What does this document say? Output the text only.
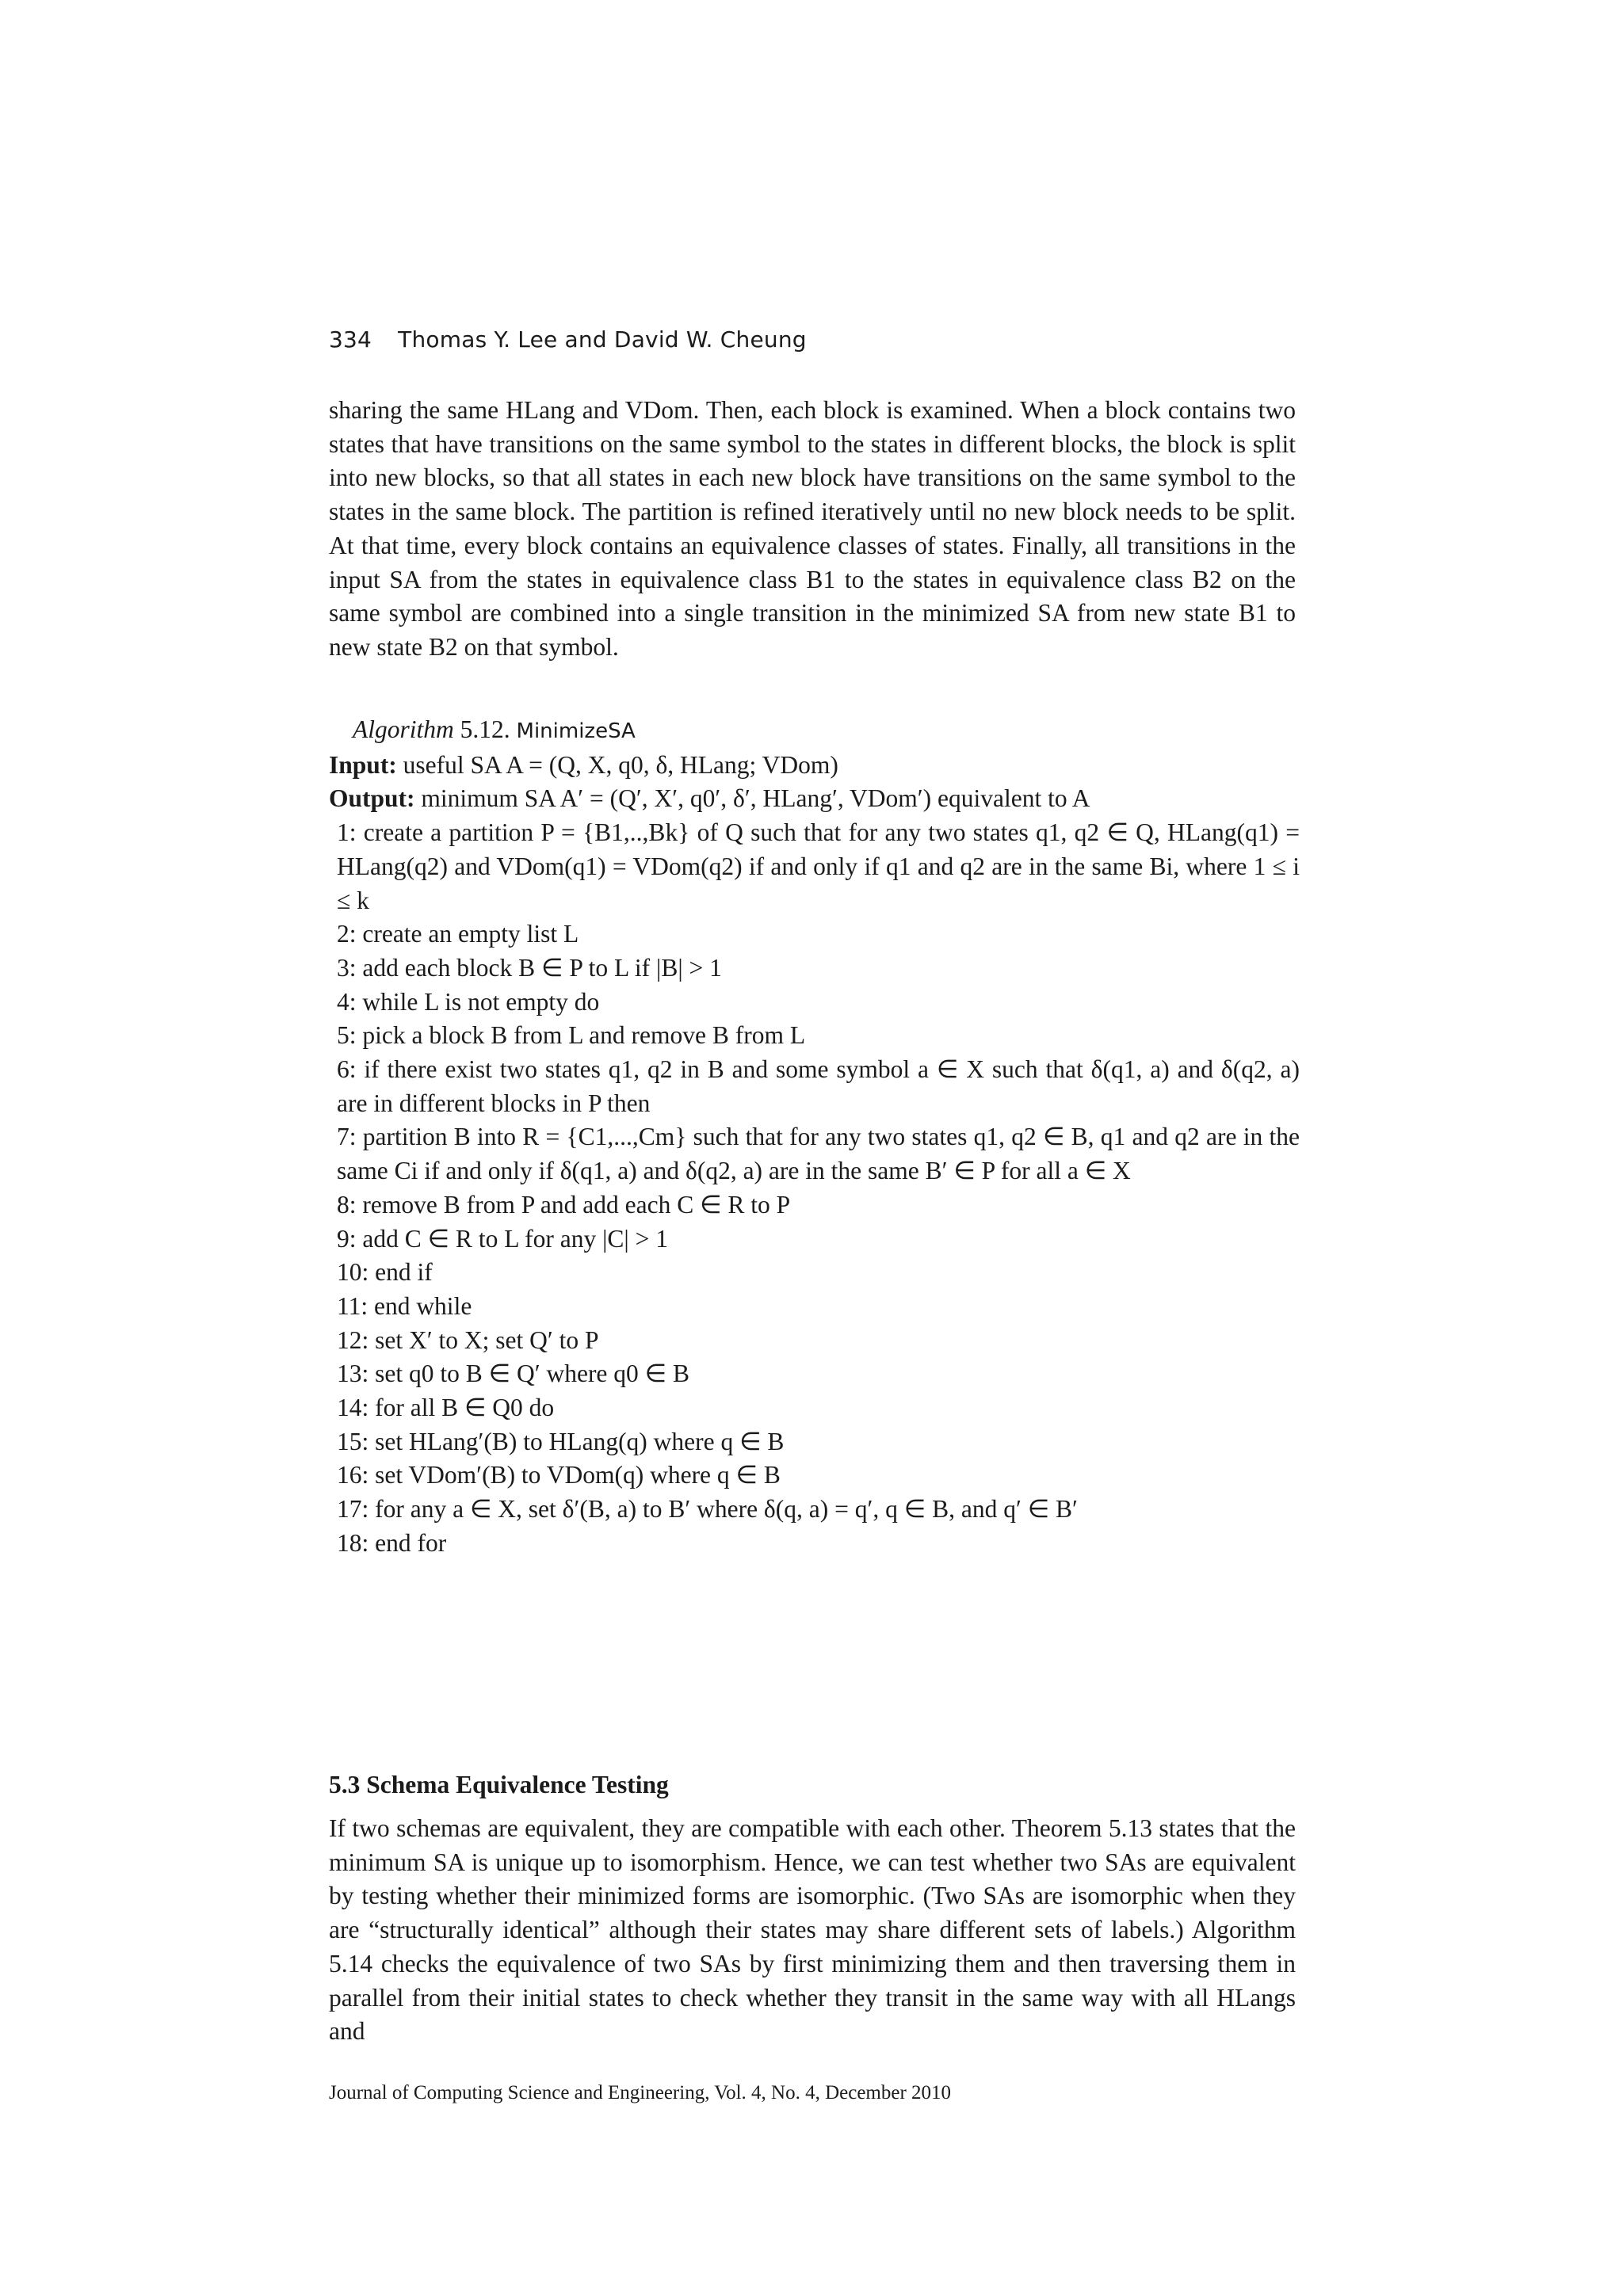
334 Thomas Y. Lee and David W. Cheung
sharing the same HLang and VDom. Then, each block is examined. When a block contains two states that have transitions on the same symbol to the states in different blocks, the block is split into new blocks, so that all states in each new block have transitions on the same symbol to the states in the same block. The partition is refined iteratively until no new block needs to be split. At that time, every block contains an equivalence classes of states. Finally, all transitions in the input SA from the states in equivalence class B1 to the states in equivalence class B2 on the same symbol are combined into a single transition in the minimized SA from new state B1 to new state B2 on that symbol.
Algorithm 5.12. MinimizeSA
Input: useful SA A = (Q, X, q0, δ, HLang; VDom)
Output: minimum SA A′ = (Q′, X′, q0′, δ′, HLang′, VDom′) equivalent to A
1: create a partition P = {B1,..,Bk} of Q such that for any two states q1, q2 ∈ Q, HLang(q1) = HLang(q2) and VDom(q1) = VDom(q2) if and only if q1 and q2 are in the same Bi, where 1 ≤ i ≤ k
2: create an empty list L
3: add each block B ∈ P to L if |B| > 1
4: while L is not empty do
5: pick a block B from L and remove B from L
6: if there exist two states q1, q2 in B and some symbol a ∈ X such that δ(q1, a) and δ(q2, a) are in different blocks in P then
7: partition B into R = {C1,...,Cm} such that for any two states q1, q2 ∈ B, q1 and q2 are in the same Ci if and only if δ(q1, a) and δ(q2, a) are in the same B′ ∈ P for all a ∈ X
8: remove B from P and add each C ∈ R to P
9: add C ∈ R to L for any |C| > 1
10: end if
11: end while
12: set X′ to X; set Q′ to P
13: set q0 to B ∈ Q′ where q0 ∈ B
14: for all B ∈ Q0 do
15: set HLang′(B) to HLang(q) where q ∈ B
16: set VDom′(B) to VDom(q) where q ∈ B
17: for any a ∈ X, set δ′(B, a) to B′ where δ(q, a) = q′, q ∈ B, and q′ ∈ B′
18: end for
5.3 Schema Equivalence Testing
If two schemas are equivalent, they are compatible with each other. Theorem 5.13 states that the minimum SA is unique up to isomorphism. Hence, we can test whether two SAs are equivalent by testing whether their minimized forms are isomorphic. (Two SAs are isomorphic when they are “structurally identical” although their states may share different sets of labels.) Algorithm 5.14 checks the equivalence of two SAs by first minimizing them and then traversing them in parallel from their initial states to check whether they transit in the same way with all HLangs and
Journal of Computing Science and Engineering, Vol. 4, No. 4, December 2010
